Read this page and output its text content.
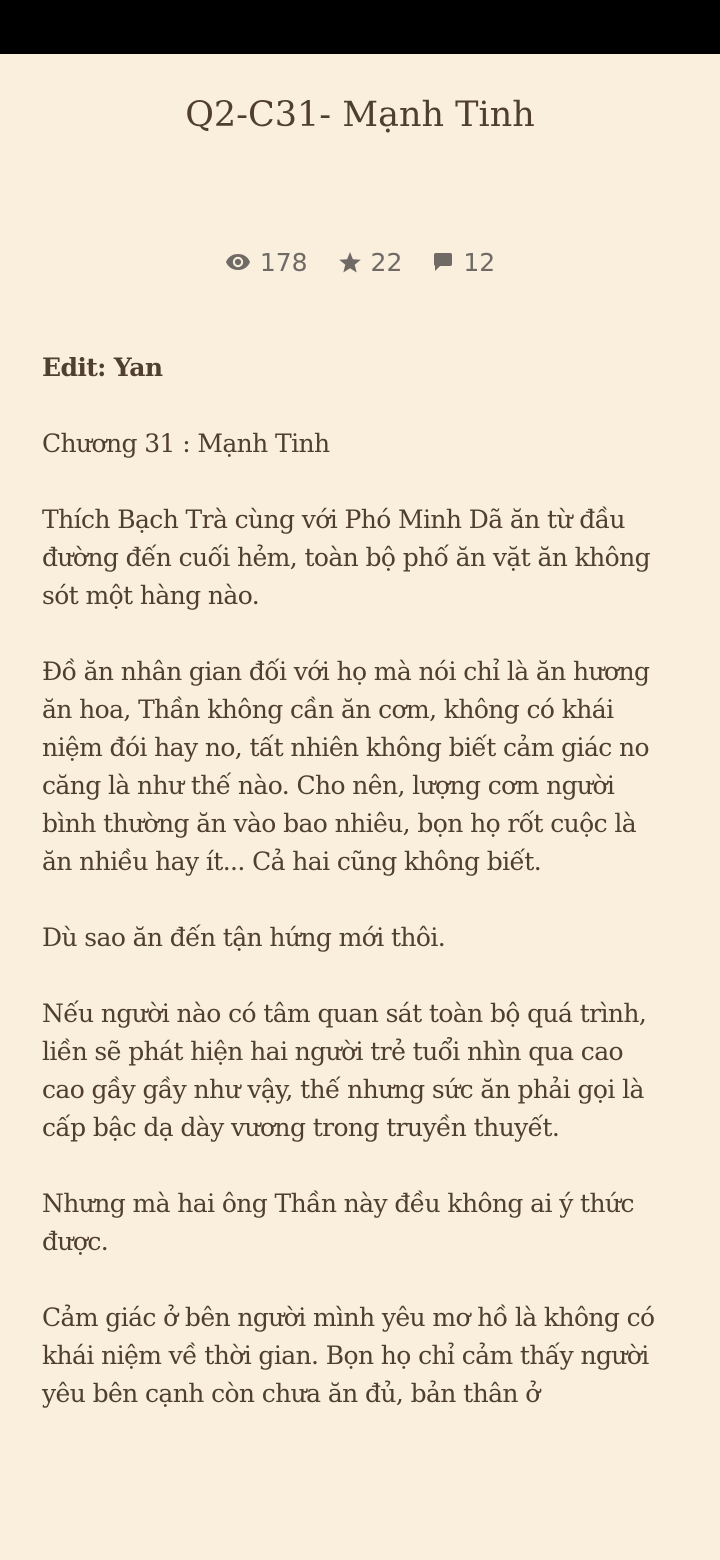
Q2-C31- Mạnh Tinh
178	22 12

Edit: Yan

Chương 31 : Mạnh Tinh

Thích Bạch Trà cùng với Phó Minh Dã ăn từ đầu đường đến cuối hẻm, toàn bộ phố ăn vặt ăn không sót một hàng nào.

Đồ ăn nhân gian đối với họ mà nói chỉ là ăn hương ăn hoa, Thần không cần ăn cơm, không có khái niệm đói hay no, tất nhiên không biết cảm giác no căng là như thế nào. Cho nên, lượng cơm người bình thường ăn vào bao nhiêu, bọn họ rốt cuộc là ăn nhiều hay ít... Cả hai cũng không biết.

Dù sao ăn đến tận hứng mới thôi.

Nếu người nào có tâm quan sát toàn bộ quá trình, liền sẽ phát hiện hai người trẻ tuổi nhìn qua cao cao gầy gầy như vậy, thế nhưng sức ăn phải gọi là cấp bậc dạ dày vương trong truyền thuyết.

Nhưng mà hai ông Thần này đều không ai ý thức được.

Cảm giác ở bên người mình yêu mơ hồ là không có khái niệm về thời gian. Bọn họ chỉ cảm thấy người yêu bên cạnh còn chưa ăn đủ, bản thân ở
